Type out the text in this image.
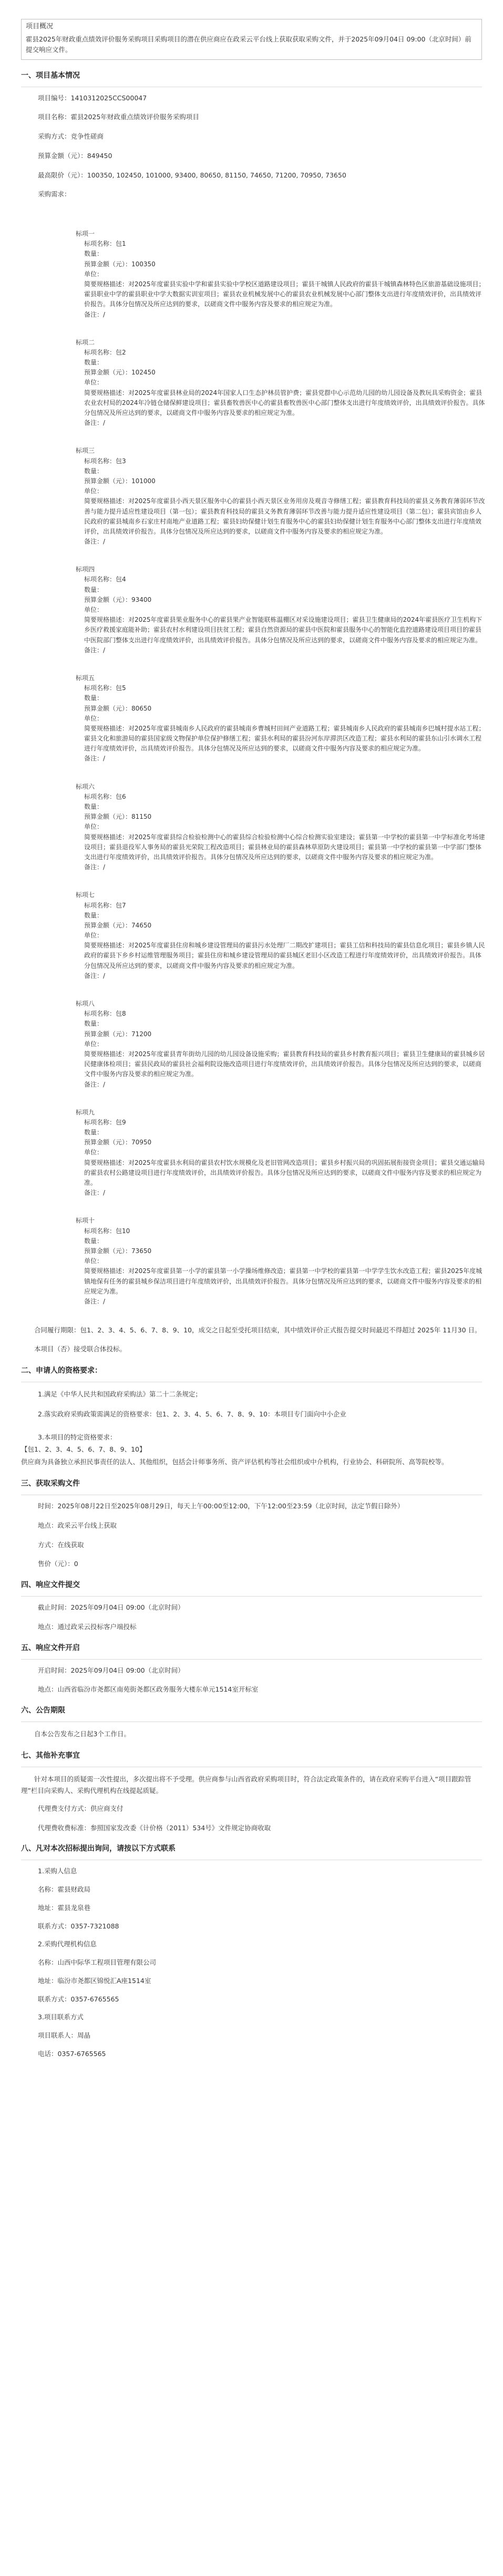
项目概况
霍县2025年财政重点绩效评价服务采购项目采购项目的潜在供应商应在政采云平台线上获取获取采购文件，并于2025年09月04日 09:00（北京时间）前提交响应文件。
一、项目基本情况
项目编号：1410312025CCS00047
项目名称：霍县2025年财政重点绩效评价服务采购项目
采购方式：竞争性磋商
预算金额（元）：849450
最高限价（元）：100350, 102450, 101000, 93400, 80650, 81150, 74650, 71200, 70950, 73650
采购需求：
标项一
标项名称：包1
数量：
预算金额（元）：100350
单位：
简要规格描述：对2025年度霍县实验中学和霍县实验中学校区道路建设项目；霍县干城镇人民政府的霍县干城镇森林特色区旅游基础设施项目；霍县职业中学的霍县职业中学大数据实训室项目；霍县农业机械发展中心的霍县农业机械发展中心部门整体支出进行年度绩效评价，出具绩效评价报告。具体分包情况及所应达到的要求，以磋商文件中服务内容及要求的相应规定为准。
备注：/
标项二
标项名称：包2
数量：
预算金额（元）：102450
单位：
简要规格描述：对2025年度霍县林业局的2024年国家人口生态护林员管护费；霍县党群中心示范幼儿园的幼儿园设备及教玩具采购资金；霍县农业农村局的2024年冷链仓储保鲜建设项目；霍县畜牧兽医中心的霍县畜牧兽医中心部门整体支出进行年度绩效评价，出具绩效评价报告。具体分包情况及所应达到的要求，以磋商文件中服务内容及要求的相应规定为准。
备注：/
标项三
标项名称：包3
数量：
预算金额（元）：101000
单位：
简要规格描述：对2025年度霍县小西天景区服务中心的霍县小西天景区业务用房及观音寺修缮工程；霍县教育科技局的霍县义务教育薄弱环节改善与能力提升适应性建设项目（第一包）；霍县教育科技局的霍县义务教育薄弱环节改善与能力提升适应性建设项目（第二包）；霍县宾馆由乡人民政府的霍县城南乡石家庄村南地产业道路工程；霍县妇幼保健计划生育服务中心的霍县妇幼保健计划生育服务中心部门整体支出进行年度绩效评价，出具绩效评价报告。具体分包情况及所应达到的要求，以磋商文件中服务内容及要求的相应规定为准。
备注：/
标项四
标项名称：包4
数量：
预算金额（元）：93400
单位：
简要规格描述：对2025年度霍县果业服务中心的霍县果产业智能联栋温棚区对采设施建设项目；霍县卫生健康局的2024年霍县医疗卫生机构下乡医疗救援家庭能补助；霍县农村水利建设项目扶贫工程；霍县自然资源局的霍县中医院和霍县服务中心的智能化监控道路建设项目项目的霍县中医院部门整体支出进行年度绩效评价，出具绩效评价报告。具体分包情况及所应达到的要求，以磋商文件中服务内容及要求的相应规定为准。
备注：/
标项五
标项名称：包5
数量：
预算金额（元）：80650
单位：
简要规格描述：对2025年度霍县城南乡人民政府的霍县城南乡曹城村田间产业道路工程；霍县城南乡人民政府的霍县城南乡巴城村提水站工程；霍县文化和旅游局的霍县国家级文物保护单位保护修缮工程；霍县水利局的霍县汾河东岸滞洪区改造工程；霍县水利局的霍县东山引水调水工程进行年度绩效评价，出具绩效评价报告。具体分包情况及所应达到的要求，以磋商文件中服务内容及要求的相应规定为准。
备注：/
标项六
标项名称：包6
数量：
预算金额（元）：81150
单位：
简要规格描述：对2025年度霍县综合检验检测中心的霍县综合检验检测中心综合检测实验室建设；霍县第一中学校的霍县第一中学标准化考场建设项目；霍县退役军人事务局的霍县光荣院工程改造项目；霍县林业局的霍县森林草原防火建设项目；霍县第一中学校的霍县第一中学部门整体支出进行年度绩效评价，出具绩效评价报告。具体分包情况及所应达到的要求，以磋商文件中服务内容及要求的相应规定为准。
备注：/
标项七
标项名称：包7
数量：
预算金额（元）：74650
单位：
简要规格描述：对2025年度霍县住房和城乡建设管理局的霍县污水处理厂二期改扩建项目；霍县工信和科技局的霍县信息化项目；霍县乡镇人民政府的霍县下乡乡村运维管理服务项目；霍县住房和城乡建设管理局的霍县城区老旧小区改造工程进行年度绩效评价，出具绩效评价报告。具体分包情况及所应达到的要求，以磋商文件中服务内容及要求的相应规定为准。
备注：/
标项八
标项名称：包8
数量：
预算金额（元）：71200
单位：
简要规格描述：对2025年度霍县青年街幼儿园的幼儿园设备设施采购；霍县教育科技局的霍县乡村教育振兴项目；霍县卫生健康局的霍县城乡居民健康体检项目；霍县民政局的霍县社会福利院设施改造项目进行年度绩效评价，出具绩效评价报告。具体分包情况及所应达到的要求，以磋商文件中服务内容及要求的相应规定为准。
备注：/
标项九
标项名称：包9
数量：
预算金额（元）：70950
单位：
简要规格描述：对2025年度霍县水利局的霍县农村饮水规模化及老旧管网改造项目；霍县乡村振兴局的巩固拓展衔接资金项目；霍县交通运输局的霍县农村公路建设项目进行年度绩效评价，出具绩效评价报告。具体分包情况及所应达到的要求，以磋商文件中服务内容及要求的相应规定为准。
备注：/
标项十
标项名称：包10
数量：
预算金额（元）：73650
单位：
简要规格描述：对2025年度霍县第一小学的霍县第一小学操场维修改造；霍县第一中学校的霍县第一中学学生饮水改造工程；霍县2025年度城镇地保有任务的霍县城乡保洁项目进行年度绩效评价，出具绩效评价报告。具体分包情况及所应达到的要求，以磋商文件中服务内容及要求的相应规定为准。
备注：/
合同履行期限：包1、2、3、4、5、6、7、8、9、10，成交之日起至受托项目结束，其中绩效评价正式报告提交时间最迟不得超过 2025年 11月30 日。
本项目（否）接受联合体投标。
二、申请人的资格要求：
1.满足《中华人民共和国政府采购法》第二十二条规定；
2.落实政府采购政策需满足的资格要求：包1、2、3、4、5、6、7、8、9、10：本项目专门面向中小企业
3.本项目的特定资格要求：
【包1、2、3、4、5、6、7、8、9、10】
供应商为具备独立承担民事责任的法人、其他组织，包括会计师事务所、资产评估机构等社会组织或中介机构，行业协会、科研院所、高等院校等。
三、获取采购文件
时间：2025年08月22日至2025年08月29日，每天上午00:00至12:00，下午12:00至23:59（北京时间，法定节假日除外）
地点：政采云平台线上获取
方式：在线获取
售价（元）：0
四、响应文件提交
截止时间：2025年09月04日 09:00（北京时间）
地点：通过政采云投标客户端投标
五、响应文件开启
开启时间：2025年09月04日 09:00（北京时间）
地点：山西省临汾市尧都区南苑街尧都区政务服务大楼东单元1514室开标室
六、公告期限
自本公告发布之日起3个工作日。
七、其他补充事宜
针对本项目的质疑需一次性提出，多次提出将不予受理。供应商参与山西省政府采购项目时，符合法定政策条件的，请在政府采购平台进入“项目跟踪管理”栏目向采购人、采购代理机构在线提起质疑。
代理费支付方式：供应商支付
代理费收费标准：参照国家发改委《计价格（2011）534号》文件规定协商收取
八、凡对本次招标提出询问，请按以下方式联系
1.采购人信息
名称：霍县财政局
地址：霍县龙泉巷
联系方式：0357-7321088
2.采购代理机构信息
名称：山西中际华工程项目管理有限公司
地址：临汾市尧都区锦悦汇A座1514室
联系方式：0357-6765565
3.项目联系方式
项目联系人：周晶
电话：0357-6765565
